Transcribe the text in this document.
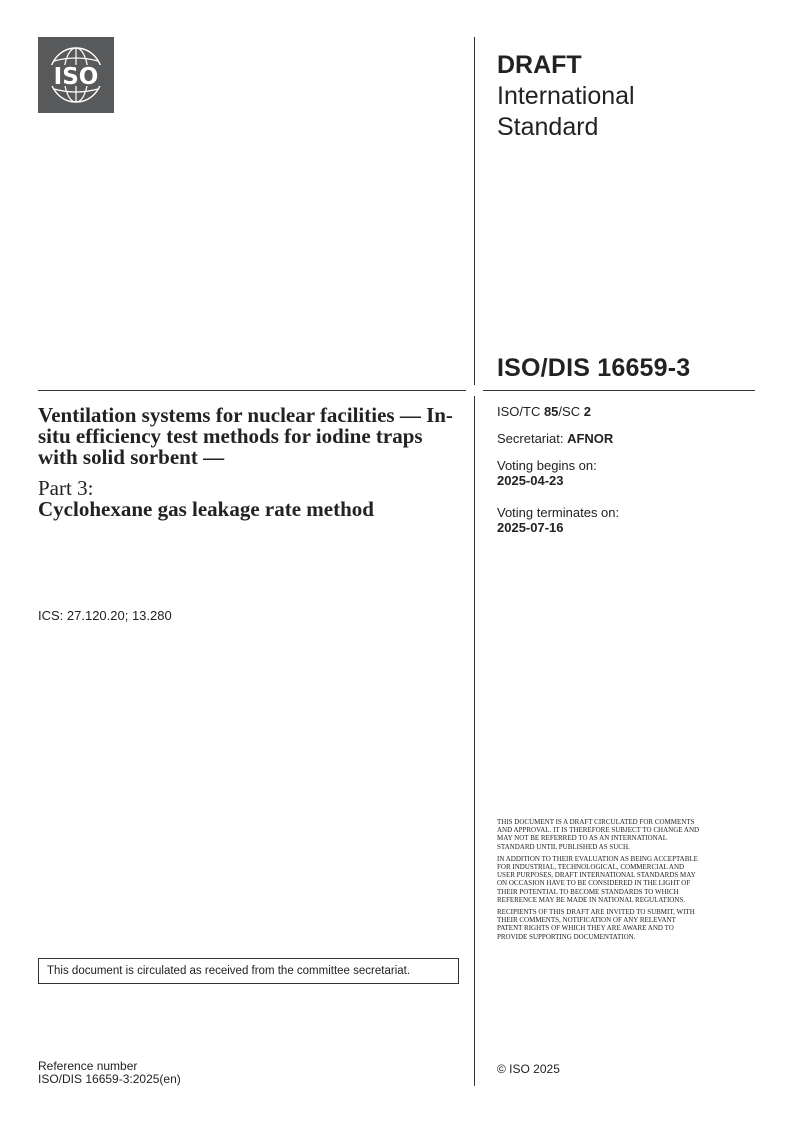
ISO	DRAFT
International
Standard
ISO/DIS 16659-3
ISO/TC 85/SC 2
Secretariat: AFNOR
Voting begins on:
2025-04-23
Voting terminates on:
2025-07-16
Ventilation systems for nuclear facilities — In-situ efficiency test methods for iodine traps with solid sorbent —
Part 3:
Cyclohexane gas leakage rate method
ICS: 27.120.20; 13.280
This document is circulated as received from the committee secretariat.
Reference number
ISO/DIS 16659-3:2025(en)

THIS DOCUMENT IS A DRAFT CIRCULATED FOR COMMENTS AND APPROVAL. IT IS THEREFORE SUBJECT TO CHANGE AND MAY NOT BE REFERRED TO AS AN INTERNATIONAL STANDARD UNTIL PUBLISHED AS SUCH.

IN ADDITION TO THEIR EVALUATION AS BEING ACCEPTABLE FOR INDUSTRIAL, TECHNOLOGICAL, COMMERCIAL AND USER PURPOSES, DRAFT INTERNATIONAL STANDARDS MAY ON OCCASION HAVE TO BE CONSIDERED IN THE LIGHT OF THEIR POTENTIAL TO BECOME STANDARDS TO WHICH REFERENCE MAY BE MADE IN NATIONAL REGULATIONS.

RECIPIENTS OF THIS DRAFT ARE INVITED TO SUBMIT, WITH THEIR COMMENTS, NOTIFICATION OF ANY RELEVANT PATENT RIGHTS OF WHICH THEY ARE AWARE AND TO PROVIDE SUPPORTING DOCUMENTATION.

© ISO 2025
